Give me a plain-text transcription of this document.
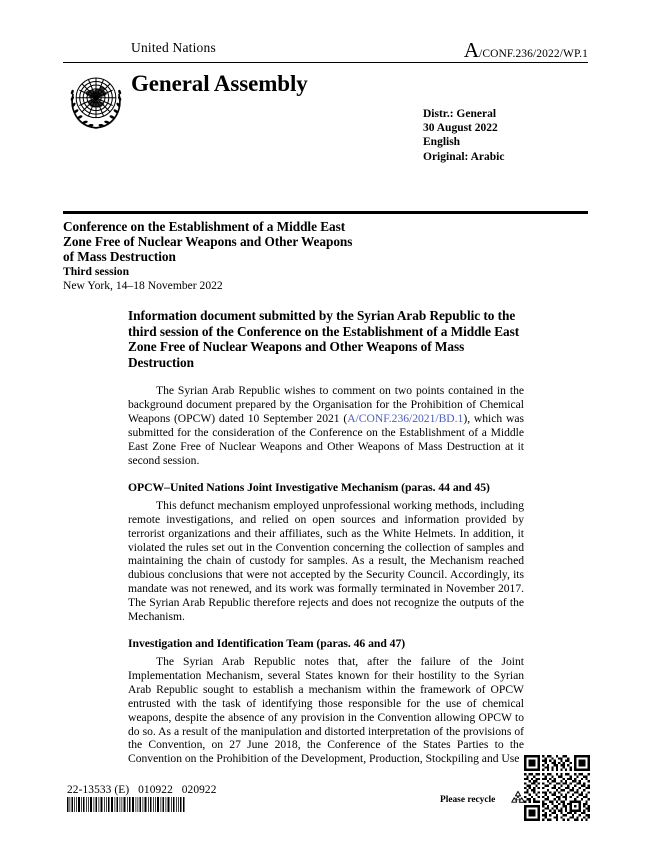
United Nations	A/CONF.236/2022/WP.1
General Assembly
Distr.: General
30 August 2022
English
Original: Arabic
Conference on the Establishment of a Middle East
Zone Free of Nuclear Weapons and Other Weapons
of Mass Destruction
Third session
New York, 14–18 November 2022
Information document submitted by the Syrian Arab Republic to the third session of the Conference on the Establishment of a Middle East Zone Free of Nuclear Weapons and Other Weapons of Mass Destruction

The Syrian Arab Republic wishes to comment on two points contained in the background document prepared by the Organisation for the Prohibition of Chemical Weapons (OPCW) dated 10 September 2021 (A/CONF.236/2021/BD.1), which was submitted for the consideration of the Conference on the Establishment of a Middle East Zone Free of Nuclear Weapons and Other Weapons of Mass Destruction at it second session.

OPCW–United Nations Joint Investigative Mechanism (paras. 44 and 45)

This defunct mechanism employed unprofessional working methods, including remote investigations, and relied on open sources and information provided by terrorist organizations and their affiliates, such as the White Helmets. In addition, it violated the rules set out in the Convention concerning the collection of samples and maintaining the chain of custody for samples. As a result, the Mechanism reached dubious conclusions that were not accepted by the Security Council. Accordingly, its mandate was not renewed, and its work was formally terminated in November 2017. The Syrian Arab Republic therefore rejects and does not recognize the outputs of the Mechanism.

Investigation and Identification Team (paras. 46 and 47)

The Syrian Arab Republic notes that, after the failure of the Joint Implementation Mechanism, several States known for their hostility to the Syrian Arab Republic sought to establish a mechanism within the framework of OPCW entrusted with the task of identifying those responsible for the use of chemical weapons, despite the absence of any provision in the Convention allowing OPCW to do so. As a result of the manipulation and distorted interpretation of the provisions of the Convention, on 27 June 2018, the Conference of the States Parties to the Convention on the Prohibition of the Development, Production, Stockpiling and Use

22-13533 (E) 010922   020922
Please recycle
